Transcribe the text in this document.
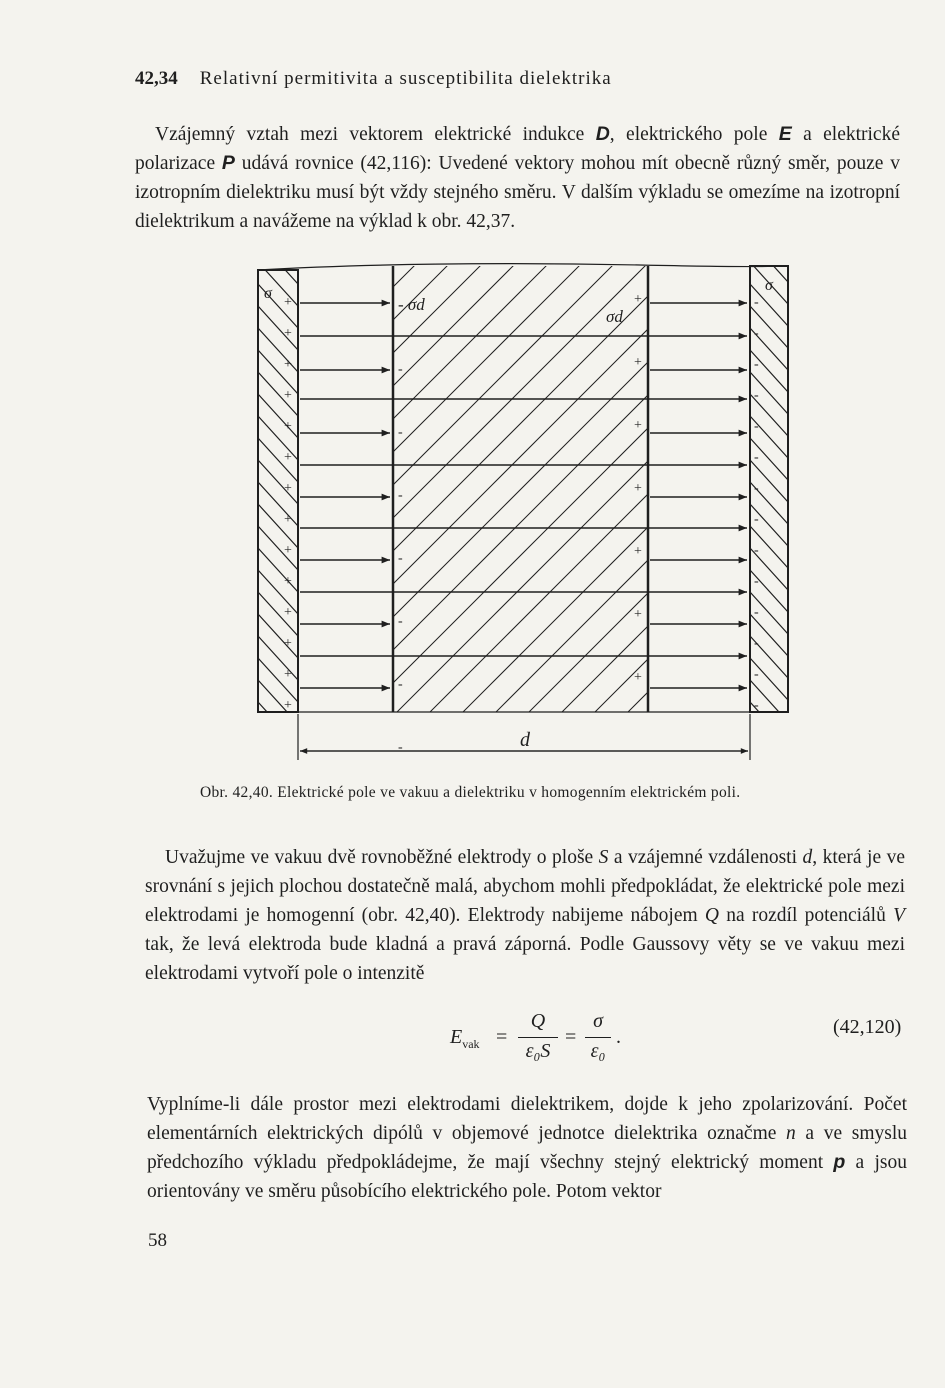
42,34 Relativní permitivita a susceptibilita dielektrika
Vzájemný vztah mezi vektorem elektrické indukce D, elektrického pole E a elektrické polarizace P udává rovnice (42,116): Uvedené vektory mohou mít obecně různý směr, pouze v izotropním dielektriku musí být vždy stejného směru. V dalším výkladu se omezíme na izotropní dielektrikum a navážeme na výklad k obr. 42,37.
+	-
+	-
+	-
+	-
+	-
+	-
+	-
+	-
+	-
+	-
+	-
+	-
+	-
+	-
-
+
-
+
-
+
-
+
-
+
-
+
-
+
σ
- σd
σd
σ
d
Obr. 42,40. Elektrické pole ve vakuu a dielektriku v homogenním elektrickém poli.
Uvažujme ve vakuu dvě rovnoběžné elektrody o ploše S a vzájemné vzdálenosti d, která je ve srovnání s jejich plochou dostatečně malá, abychom mohli předpokládat, že elektrické pole mezi elektrodami je homogenní (obr. 42,40). Elektrody nabijeme nábojem Q na rozdíl potenciálů V tak, že levá elektroda bude kladná a pravá záporná. Podle Gaussovy věty se ve vakuu mezi elektrodami vytvoří pole o intenzitě
$E_{vak}$ =
Q
ε₀S
=
σ
ε₀
.	(42,120)
Vyplníme-li dále prostor mezi elektrodami dielektrikem, dojde k jeho zpolarizování. Počet elementárních elektrických dipólů v objemové jednotce dielektrika označme n a ve smyslu předchozího výkladu předpokládejme, že mají všechny stejný elektrický moment p a jsou orientovány ve směru působícího elektrického pole. Potom vektor
58
